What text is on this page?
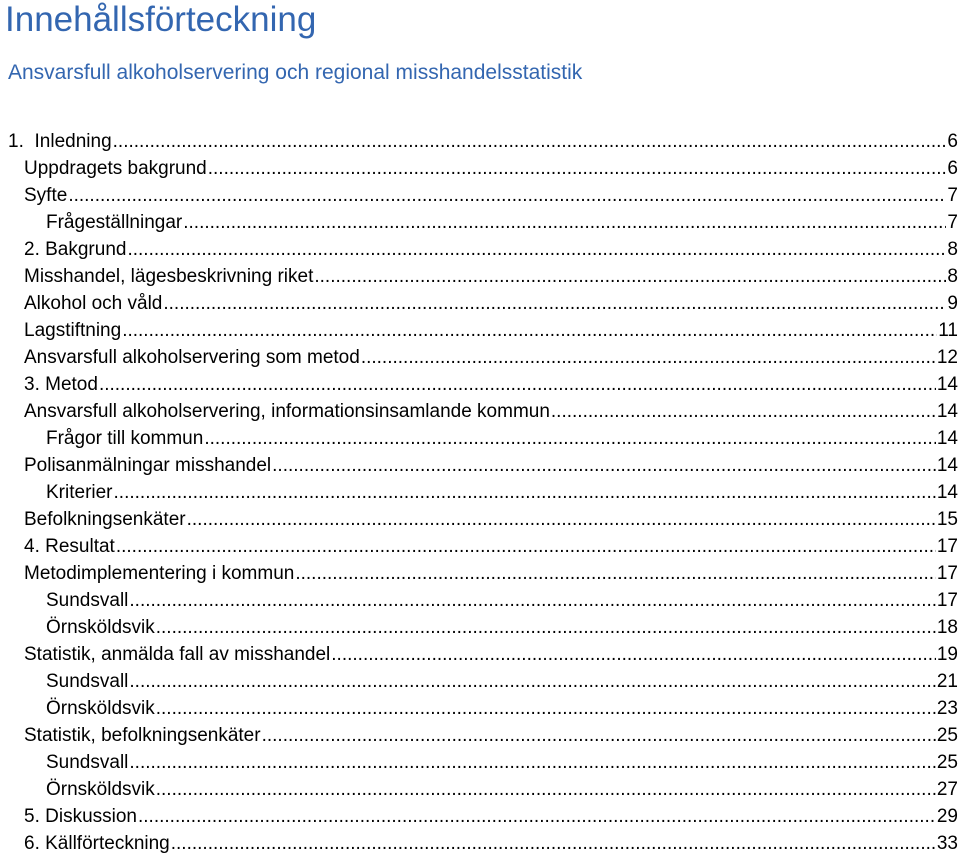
Innehållsförteckning
Ansvarsfull alkoholservering och regional misshandelsstatistik
1. Inledning .....	6
Uppdragets bakgrund .....	6
Syfte .....	7
Frågeställningar .....	7
2. Bakgrund .....	8
Misshandel, lägesbeskrivning riket .....	8
Alkohol och våld .....	9
Lagstiftning .....	11
Ansvarsfull alkoholservering som metod .....	12
3. Metod .....	14
Ansvarsfull alkoholservering, informationsinsamlande kommun .....	14
Frågor till kommun .....	14
Polisanmälningar misshandel .....	14
Kriterier .....	14
Befolkningsenkäter .....	15
4. Resultat .....	17
Metodimplementering i kommun .....	17
Sundsvall .....	17
Örnsköldsvik .....	18
Statistik, anmälda fall av misshandel .....	19
Sundsvall .....	21
Örnsköldsvik .....	23
Statistik, befolkningsenkäter .....	25
Sundsvall .....	25
Örnsköldsvik .....	27
5. Diskussion .....	29
6. Källförteckning .....	33
